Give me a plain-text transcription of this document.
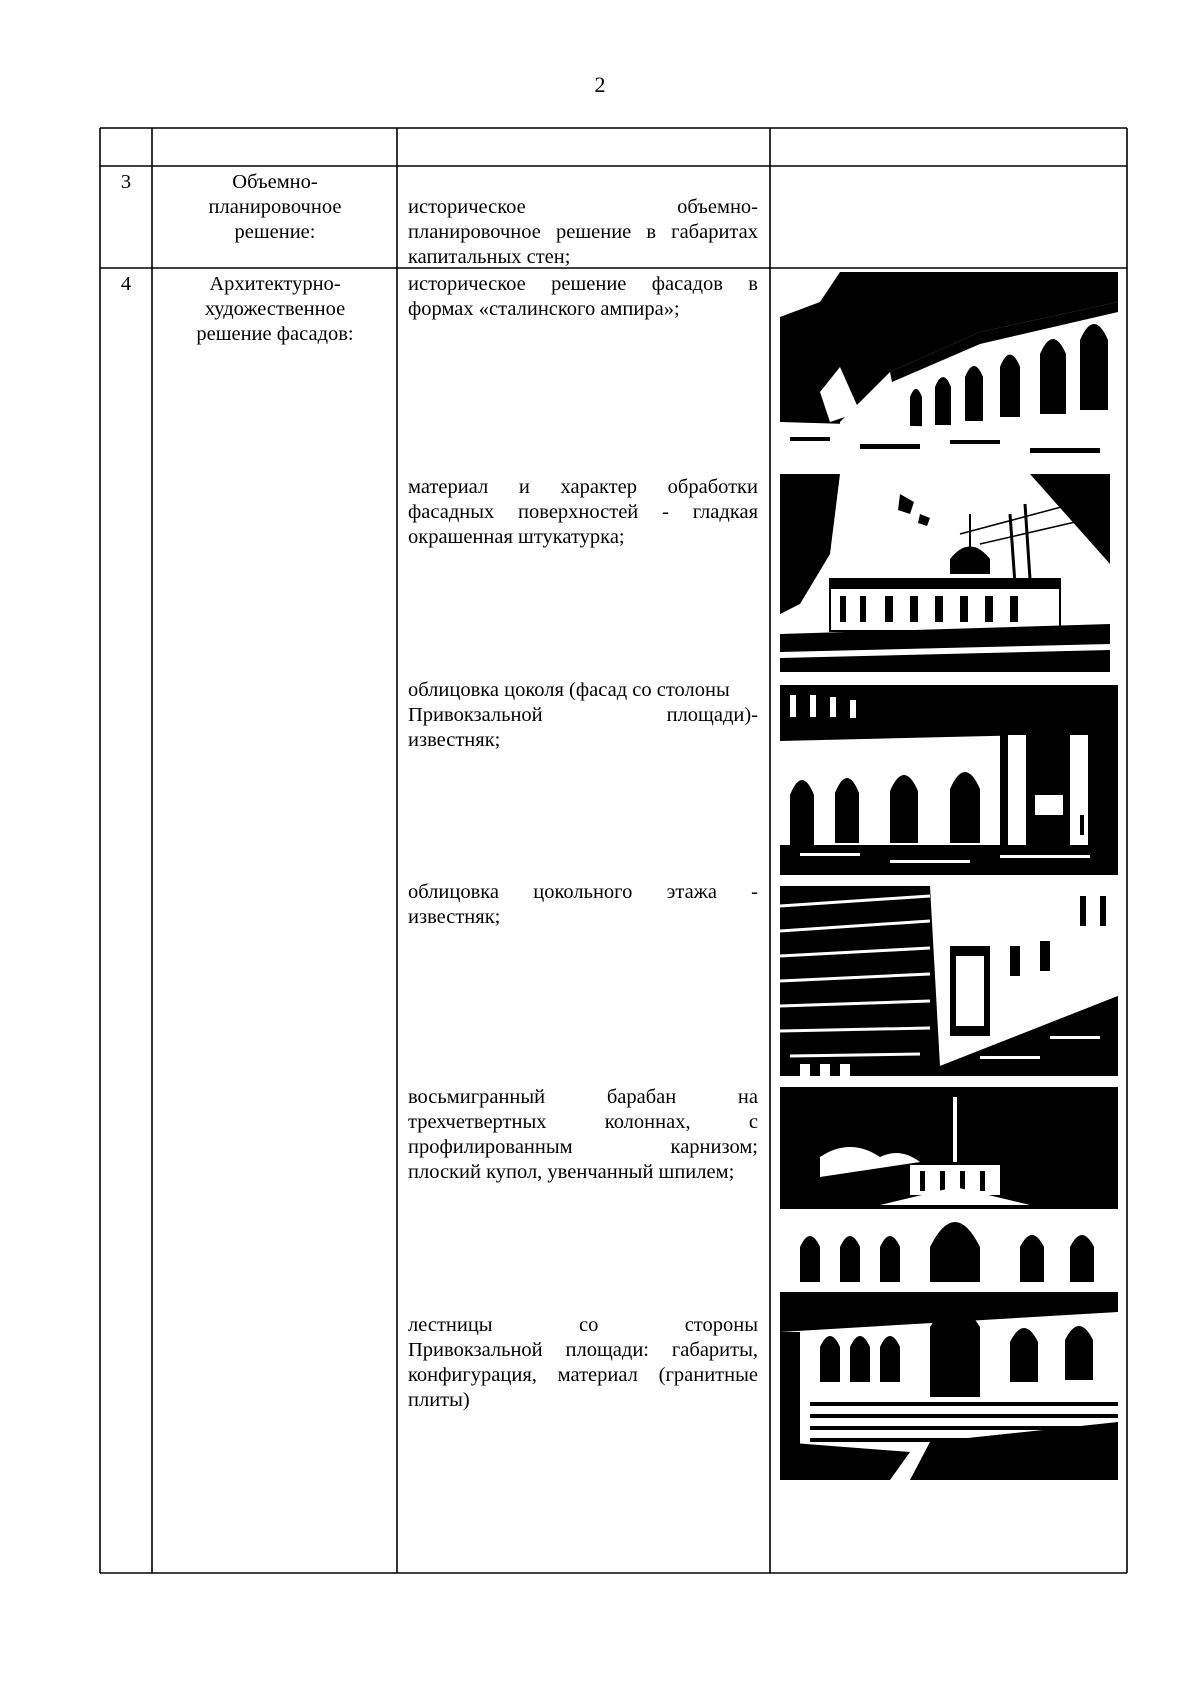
2
3	Объемно-
планировочное
решение:
историческое объемно-
планировочное решение в габаритах
капитальных стен;
4	Архитектурно-
художественное
решение фасадов:
историческое решение фасадов в
формах «сталинского ампира»;
материал и характер обработки
фасадных поверхностей - гладкая
окрашенная штукатурка;
облицовка цоколя (фасад со столоны
Привокзальной площади)-
известняк;
облицовка цокольного этажа -
известняк;
восьмигранный барабан на
трехчетвертных колоннах, с
профилированным карнизом;
плоский купол, увенчанный шпилем;
лестницы со стороны
Привокзальной площади: габариты,
конфигурация, материал (гранитные
плиты)
